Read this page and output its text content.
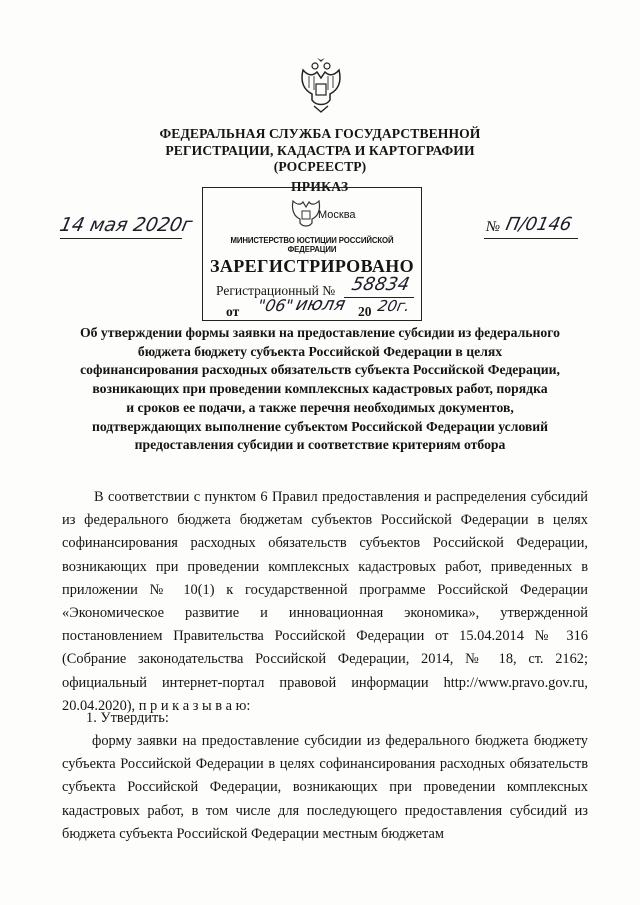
ФЕДЕРАЛЬНАЯ СЛУЖБА ГОСУДАРСТВЕННОЙ
РЕГИСТРАЦИИ, КАДАСТРА И КАРТОГРАФИИ
(РОСРЕЕСТР)
14 мая 2020г	№ П/0146
ПРИКАЗ
Москва
МИНИСТЕРСТВО ЮСТИЦИИ РОССИЙСКОЙ ФЕДЕРАЦИИ
ЗАРЕГИСТРИРОВАНО
Регистрационный № 58834
от "06"
июля 20 20г.
Об утверждении формы заявки на предоставление субсидии из федерального
бюджета бюджету субъекта Российской Федерации в целях
софинансирования расходных обязательств субъекта Российской Федерации,
возникающих при проведении комплексных кадастровых работ, порядка
и сроков ее подачи, а также перечня необходимых документов,
подтверждающих выполнение субъектом Российской Федерации условий
предоставления субсидии и соответствие критериям отбора
В соответствии с пунктом 6 Правил предоставления и распределения субсидий из федерального бюджета бюджетам субъектов Российской Федерации в целях софинансирования расходных обязательств субъектов Российской Федерации, возникающих при проведении комплексных кадастровых работ, приведенных в приложении № 10(1) к государственной программе Российской Федерации «Экономическое развитие и инновационная экономика», утвержденной постановлением Правительства Российской Федерации от 15.04.2014 № 316 (Собрание законодательства Российской Федерации, 2014, № 18, ст. 2162; официальный интернет-портал правовой информации http://www.pravo.gov.ru, 20.04.2020), п р и к а з ы в а ю:
1. Утвердить:
форму заявки на предоставление субсидии из федерального бюджета бюджету субъекта Российской Федерации в целях софинансирования расходных обязательств субъекта Российской Федерации, возникающих при проведении комплексных кадастровых работ, в том числе для последующего предоставления субсидий из бюджета субъекта Российской Федерации местным бюджетам
